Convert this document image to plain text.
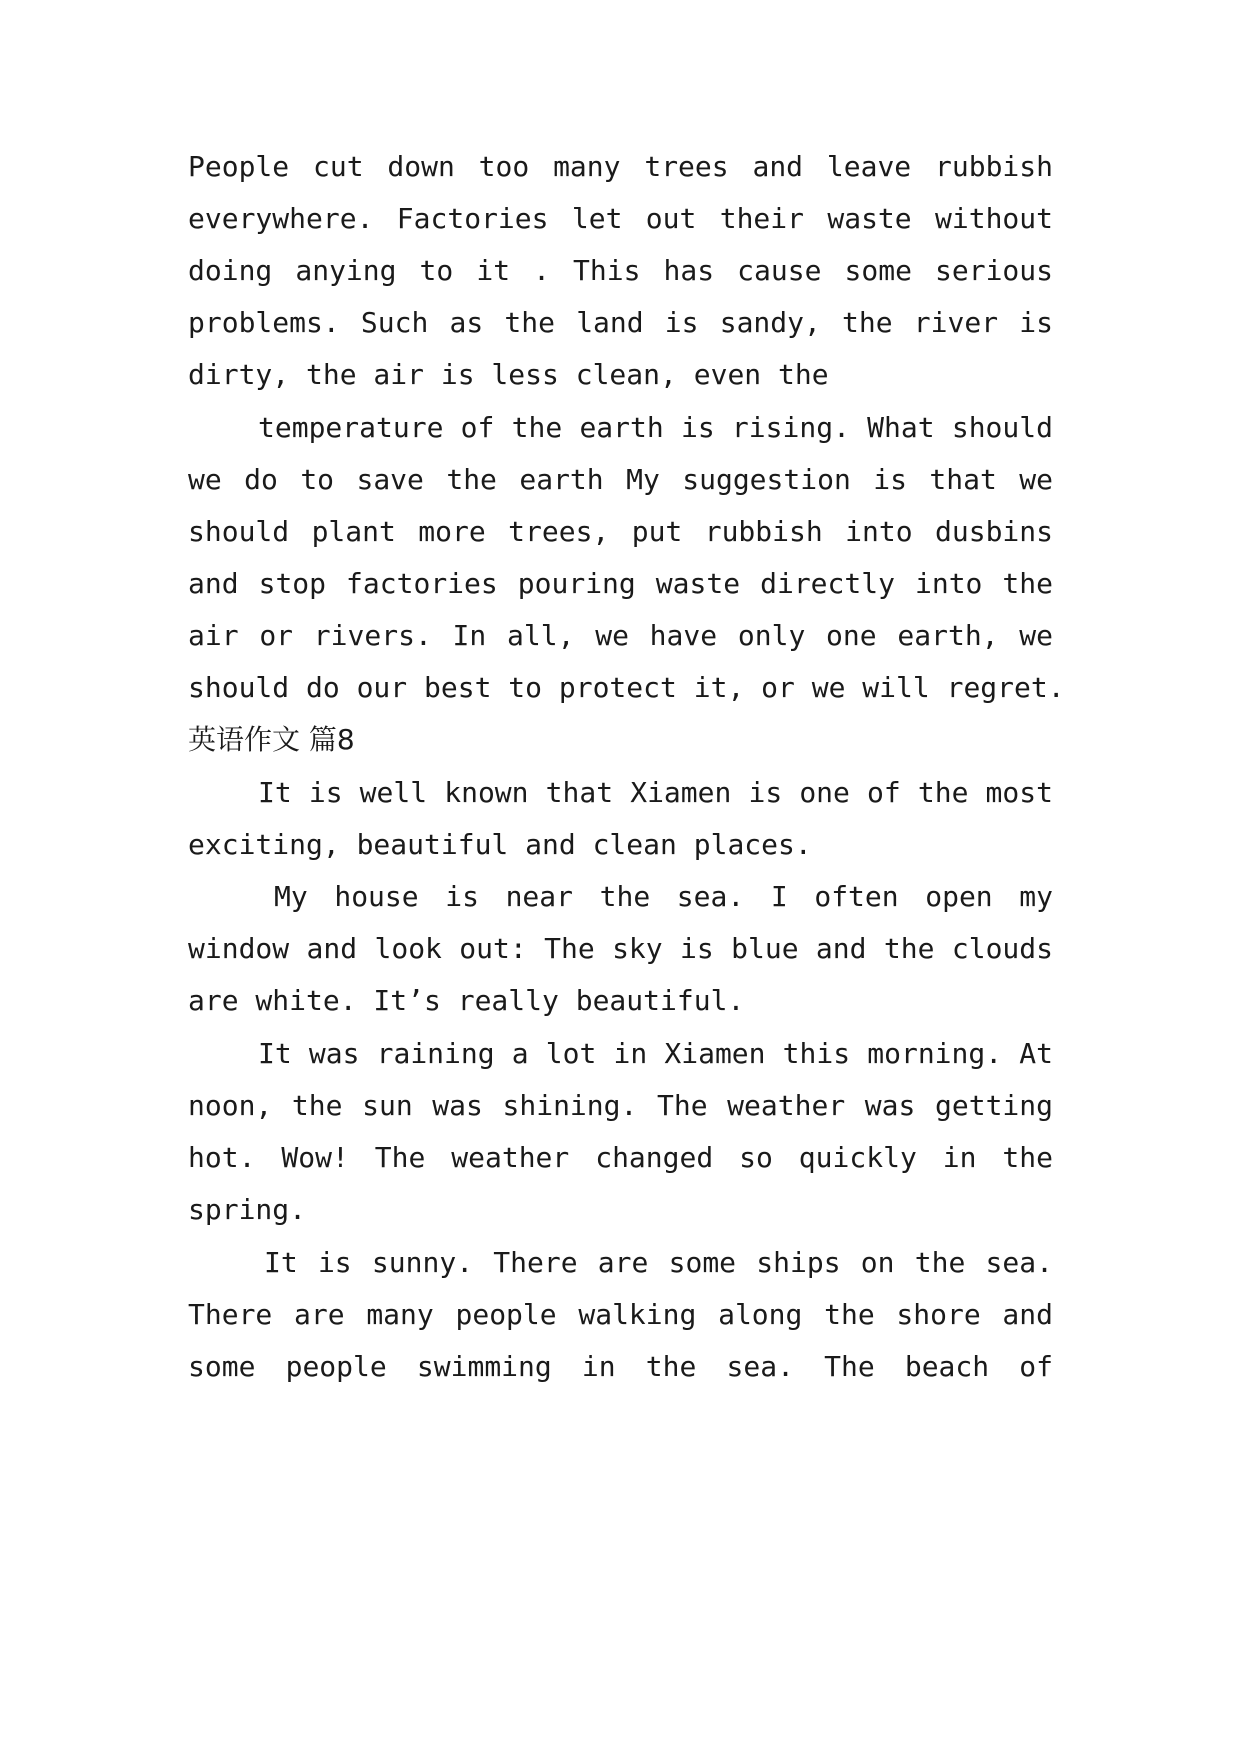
People cut down too many trees and leave rubbish
everywhere. Factories let out their waste without
doing anying to it . This has cause some serious
problems. Such as the land is sandy, the river is
dirty, the air is less clean, even the
temperature of the earth is rising. What should
we do to save the earth My suggestion is that we
should plant more trees, put rubbish into dusbins
and stop factories pouring waste directly into the
air or rivers. In all, we have only one earth, we
should do our best to protect it, or we will regret.
英语作文 篇8
It is well known that Xiamen is one of the most
exciting, beautiful and clean places.
My house is near the sea. I often open my
window and look out: The sky is blue and the clouds
are white. It’s really beautiful.
It was raining a lot in Xiamen this morning. At
noon, the sun was shining. The weather was getting
hot. Wow! The weather changed so quickly in the
spring.
It is sunny. There are some ships on the sea.
There are many people walking along the shore and
some people swimming in the sea. The beach of
